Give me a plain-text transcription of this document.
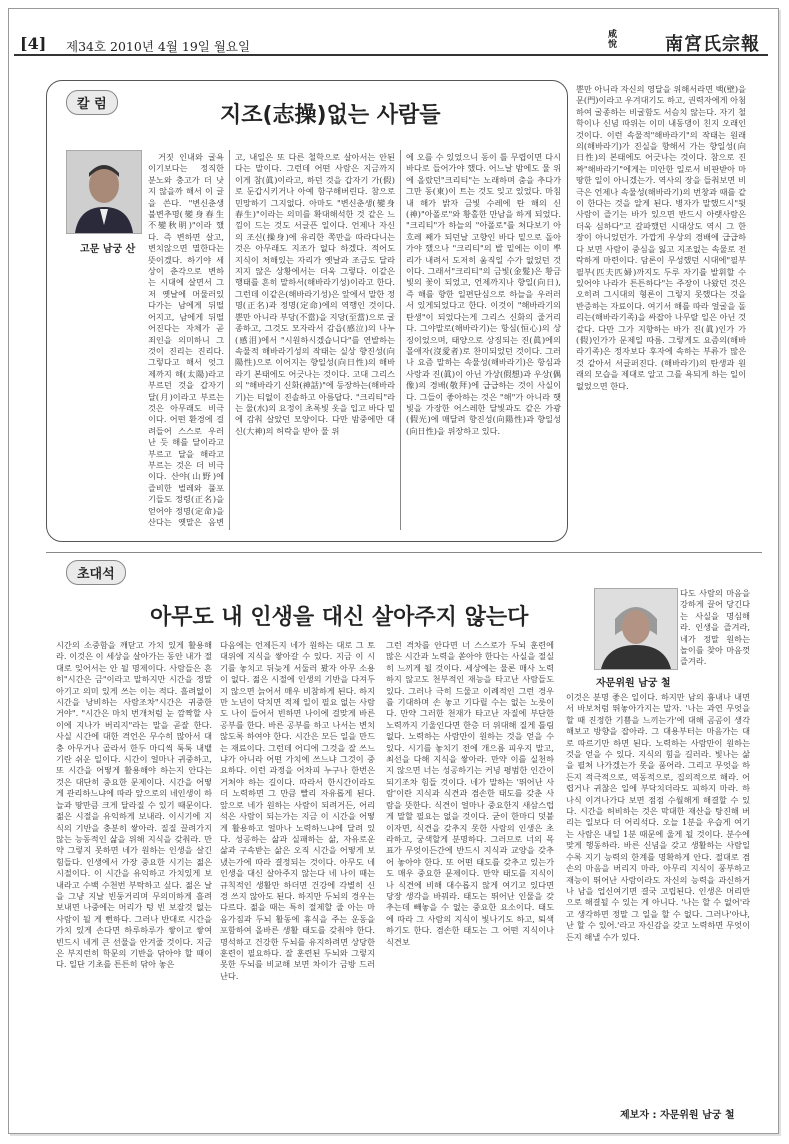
[4] 제34호 2010년 4월 19일 월요일
咸悅	南宮氏宗報
칼 럼	지조(志操)없는 사람들
고문 남궁 산
거짓 인내와 굴욕이기보다는 정직한 분노와 충고가 더 낫지 않을까 해서 이 글을 쓴다. "변신춘생 불변추명(變身春生 不變秋明)"이라 했다. 즉 변하면 살고, 변치않으면 멸한다는 뜻이겠다. 하기야 세상이 춘각으로 변하는 시대에 살면서 그저 옛날에 머물러있다가는 남에게 뒤떨어지고, 남에게 뒤떨어진다는 자체가 곧 죄인을 의미하니 그것이 진리는 진리다. 그렇다고 해서 엇그제까지 해(太陽)라고 부르던 것을 갑자기 달(月)이라고 부르는 것은 아무래도 비극이다. 어떤 환경에 걸려들어 스스로 우러난 듯 해를 달이라고 부르고 달을 해라고 부르는 것은 더 비극이다. 산야(山野)에 즐비한 벌레와 풀포기들도 정령(正名)을 얻어야 정명(定命)을 산다는 옛말은 음변
고, 내일은 또 다른 철학으로 살아서는 안된다는 말이다. 그런데 어떤 사람은 지금까지 이게 참(眞)이라고, 하던 것을 갑자기 가(假)로 둔갑시키거나 아예 함구해버린다. 참으로 민망하기 그지없다. 아마도 "변신춘생(變身春生)"이라는 의미를 확대해석한 것 같은 느낌이 드는 것도 서글픈 일이다. 언제나 자신의 조신(操身)에 유리한 쪽만을 따라다니는 것은 아무래도 지조가 없다 하겠다. 적어도 지식이 처해있는 자리가 옛날과 조금도 달라지지 않은 상황에서는 더욱 그렇다. 이같은 행태를 흔히 말하서(해바라기성)이라고 한다. 그런데 이같은(해바라기성)은 앞에서 말한 정명(正名)과 정명(定命)에의 역행인 것이다. 뿐만 아니라 부당(不當)을 지당(至當)으로 굴종하고, 그것도 모자라서 감읍(感泣)의 나누(感泪)에서 "시원하시겠습니다"를 연발하는 속물적 해바라기성의 작태는 실상 향진성(向陽性)으로 이어지는 향일성(向日性)의 해바라기 본태에도 어긋나는 것이다. 고대 그리스의 "해바라기 신화(神話)"에 등장하는(해바라기)는 티없이 진솔하고 아름답다. "크리티"라는 물(水)의 요정이 초록빛 옷을 입고 바다 밑에 감춰 살았던 모양이다. 다만 밤중에만 대신(大神)의 허락을 받아 물 위
에 오를 수 있었으니 동이 틀 무렵이면 다시 바다로 들어가야 했다. 어느날 밤에도 물 위에 올랐던"크리티"는 노래하며 춤을 추다가 그만 동(東)이 트는 것도 잊고 있었다. 마침내 해가 밝자 금빛 수레에 탄 해의 신(神)"아폴로"와 황홀한 만남을 하게 되었다. "크리티"가 하늘의 "아폴로"를 쳐다보기 아흐레 째가 되던날 고향인 바다 밑으로 돌아가야 했으나 "크리티"의 발 밑에는 이미 뿌리가 내려서 도저히 움직일 수가 없었던 것이다. 그래서"크리티"의 금빛(金髮)은 황금빛의 꽃이 되었고, 언제까지나 향일(向日), 즉 해를 향한 일편단심으로 하늘을 우러러 서 있게되었다고 한다. 이것이 "해바라기의 탄생"이 되었다는게 그리스 신화의 줄거리다. 그야말로(해바라기)는 항심(恒心)의 상징이었으며, 태양으로 상징되는 진(眞)에의 몰애자(沒愛者)로 찬미되었던 것이다. 그러나 요즘 말하는 속물성(해바라기)은 항심과 사랑과 진(眞)이 아닌 가상(假想)과 우상(偶像)의 경배(敬拜)에 급급하는 것이 사실이다. 그들이 좋아하는 것은 "해"가 아니라 햇빛을 가장한 어스레한 달빛과도 같은 가광(假光)에 매달려 향진성(向陽性)과 향일성(向日性)을 위장하고 있다.
뿐만 아니라 자신의 영달을 위해서라면 백(壁)을 문(門)이라고 우겨대기도 하고, 권력자에게 아첨하여 굴종하는 비굴함도 서슴치 않는다. 자기 철학이나 신념 따위는 이미 내동댕이 친지 오래인 것이다. 이런 속물적"해바라기"의 작태는 원래의(해바라기)가 진실을 향해서 가는 향일성(向日性)의 본태에도 어긋나는 것이다. 참으로 진짜"해바라기"에게는 미안한 일로서 비판받아 마땅한 일이 아니겠는가. 역사의 장을 들춰보면 비극은 언제나 속물성(해바라기)의 번창과 때를 같이 한다는 것을 알게 된다. 병자가 말했드시"뒷사람이 즐기는 바가 있으면 반드시 아랫사람은 더욱 심하다"고 갈파했던 시대상도 역시 그 한 장이 아니었던가. 가깝게 우상의 경배에 급급하다 보면 사람이 중심을 잃고 지조없는 속물로 전락하게 마련이다. 담론이 무성했던 시대에"필부필부(匹夫匹婦)까지도 두루 자기를 발휘할 수 있어야 나라가 튼튼하다"는 주장이 나왔던 것은 오히려 그시대의 형론이 그렇지 못했다는 것을 반증하는 자료이다. 여기서 해를 따라 얼굴을 돌리는(해바라기족)을 싸잡아 나무랄 일은 아닌 것 같다. 다만 그가 지향하는 바가 진(眞)인가 가(假)인가가 문제일 따름. 그렇게도 요즘의(해바라기족)은 정자보다 후자에 속하는 부류가 많은 것 같아서 서글퍼진다. (해바라기)의 탄생과 원래의 모습을 제대로 알고 그를 욕되게 하는 일이 없었으면 한다.
초대석
아무도 내 인생을 대신 살아주지 않는다
시간의 소중함을 깨닫고 가치 있게 활용해라. 이것은 이 세상을 살아가는 동안 내가 절대로 잊어서는 안 될 명제이다. 사람들은 흔히"시간은 금"이라고 말하지만 시간을 정말 아기고 의미 있게 쓰는 이는 적다. 흘려없이 시간을 낭비하는 사람조차"시간은 귀중한 거야". "시간은 마치 번개처럼 눈 깜짝할 사이에 지나가 버리지"라는 말을 곧잘 한다. 사실 시간에 대한 격언은 무수히 많아서 대충 아무거나 골라서 한두 마디씩 툭툭 내뱉기란 쉬운 일이다. 시간이 얼마나 귀중하고, 또 시간을 어떻게 활용해야 하는지 안다는 것은 대단히 중요한 문제이다. 시간을 어떻게 관리하느냐에 따라 앞으로의 네인생이 하늘과 땅만큼 크게 달라질 수 있기 때문이다. 젊은 시절을 유익하게 보내라. 이시기에 지식의 기반을 충분히 쌓아라. 질질 끌려가지 않는 능동적인 삶을 위해 지식을 갖춰라. 만약 그렇지 못하면 네가 원하는 인생을 살긴 힘들다. 인생에서 가장 중요한 시기는 젊은 시절이다. 이 시간을 유익하고 가치있게 보내라고 수백 수천번 부탁하고 싶다. 젊은 날을 그냥 지날 빈둥거리며 무의미하게 흘려 보내면 나중에는 머리가 텅 빈 보잘것 없는 사람이 될 게 뻔하다. 그러나 반대로 시간을 가치 있게 손다면 하루하루가 쌓이고 쌓여 빈드시 네게 큰 선물을 안겨줄 것이다. 지금은 부지런히 학문의 기반을 닦아야 할 때이다. 일단 기초를 튼튼히 닦아 놓은
다음에는 언제든지 네가 원하는 대로 그 토대위에 지식을 쌓아갈 수 있다. 지금 이 시기를 놓치고 뒤늦게 서둘러 봤자 아무 소용이 없다. 젊은 시절에 인생의 기반을 다져두지 않으면 늙어서 매우 비참하게 된다. 하지만 노년이 닥치면 적제 일이 필요 없는 사람도 나이 들어서 빈하면 나이에 걸맞게 바른 공부를 한다. 바른 공부를 하고 나서는 변치 않도록 하여야 한다. 시간은 모든 일을 만드는 재료이다. 그런데 어디에 그것을 잘 쓰느냐가 아니라 어떤 가치에 쓰느냐 그것이 중요하다. 이런 과정을 어차피 누구나 한번은 거쳐야 하는 길이다. 따라서 한시간이라도 더 노력하면 그 만큼 빨리 자유롭게 된다. 앞으로 네가 원하는 사람이 되려거든, 어리석은 사람이 되는가는 지금 이 시간을 어떻게 활용하고 얼마나 노력하느냐에 달려 있다. 성공하는 삶과 실패하는 삶, 자유로운 삶과 구속받는 삶은 오직 시간을 어떻게 보냈는가에 따라 결정되는 것이다. 아무도 네 인생을 대신 살아주지 않는다 네 나이 때는 규칙적인 생활만 하더면 건강에 각별히 신경 쓰지 않아도 된다. 하지만 두뇌의 경우는 다르다. 젊을 때는 특히 절제할 줄 아는 마음가짐과 두뇌 활동에 휴식을 주는 운동을 포함하여 올바른 생활 태도를 갖춰야 한다. 명석하고 건강한 두뇌를 유지하려면 상당한 훈련이 필요하다. 잘 훈련된 두뇌와 그렇지 못한 두뇌를 비교해 보면 차이가 금방 드러난다.
그런 격차를 안다면 너 스스로가 두뇌 훈련에 많은 시간과 노력을 쏟아야 한다는 사실을 절실히 느끼게 될 것이다. 세상에는 물론 매사 노력하지 않고도 천부적인 재능을 타고난 사람들도 있다. 그러나 극히 드물고 이례적인 그런 경우를 기대하며 손 놓고 기다릴 수는 없는 노릇이다. 만약 그러한 천재가 타고난 자질에 부단한 노력까지 기울인다면 한층 더 위대해 질게 틀림없다. 노력하는 사람만이 원하는 것을 얻을 수 있다. 시기를 놓치기 전에 개으름 피우지 말고, 최선을 다해 지식을 쌓아라. 만약 이를 실천하지 않으면 너는 성공하기는 커녕 평범한 인간이 되기조차 힘들 것이다. 네가 말하는 '뛰어난 사람'이란 지식과 식견과 겸손한 태도를 갖춘 사람을 뜻한다. 식견이 얼마나 중요한지 새삼스럽게 말할 필요는 없을 것이다. 굳이 한마디 덧붙이자면, 식견을 갖추지 못한 사람의 인생은 초라하고, 궁색할게 분명하다. 그러므로 너의 목표가 무엇이든간에 반드시 지식과 교양을 갖추어 놓아야 한다. 또 어떤 태도를 갖추고 있는가도 매우 중요한 문제이다. 만약 태도를 지식이나 식견에 비해 대수롭지 않게 여기고 있다면 당장 생각을 바꿔라. 태도는 뛰어난 인물을 갖추는데 빼놓을 수 없는 중요한 요소이다. 태도에 따라 그 사람의 지식이 빛나기도 하고, 퇴색하기도 한다. 겸손한 태도는 그 어떤 지식이나 식견보
자문위원 남궁 철
다도 사람의 마음을 강하게 끌어 당긴다는 사실을 명심해라. 인생을 즐겨라, 네가 정말 원하는 놀이를 찾아 마음껏 즐겨라.
이것은 분명 좋은 일이다. 하지만 남의 흉내나 내면서 바보처럼 뛰놓아가지는 말자. '나는 과연 무엇을 할 때 진정한 기쁨을 느끼는가'에 대해 곰곰이 생각해보고 방향을 잡아라. 그 대용부터는 마음가는 대로 따르기만 하면 된다. 노력하는 사람만이 원하는 것을 얻을 수 있다. 지식의 힘을 길러라. 빛나는 삶을 펼쳐 나가겠는가 못을 품어라. 그리고 무엇을 하든지 적극적으로, 역동적으로, 집의적으로 해라. 어렵거나 귀찮은 일에 부닥치더라도 피하지 마라. 하나식 이겨나가다 보면 점점 수월해게 해결할 수 있다. 시간을 허비하는 것은 막대한 재산을 탕진해 버리는 일보다 더 어리석다. 오늘 1분을 우습게 여기는 사람은 내일 1분 때문에 울게 될 것이다. 분수에 맞게 행동하라. 바른 신념을 갖고 생활하는 사람일수록 지기 능력의 한계를 명확하게 안다. 절대로 겸손의 마음을 버리지 마라, 아무리 지식이 풍부하고 재능이 뛰어난 사람이라도 자신의 능력을 과신하거나 남을 업신여기면 결국 고립된다. 인생은 머리만으로 해결될 수 있는 게 아니다. '나는 할 수 없어'라고 생각하면 정말 그 일을 할 수 없다. 그러나'아냐, 난 할 수 있어.'라고 자신감을 갖고 노력하면 무엇이든지 해낼 수가 있다.
제보자 : 자문위원 남궁 철
